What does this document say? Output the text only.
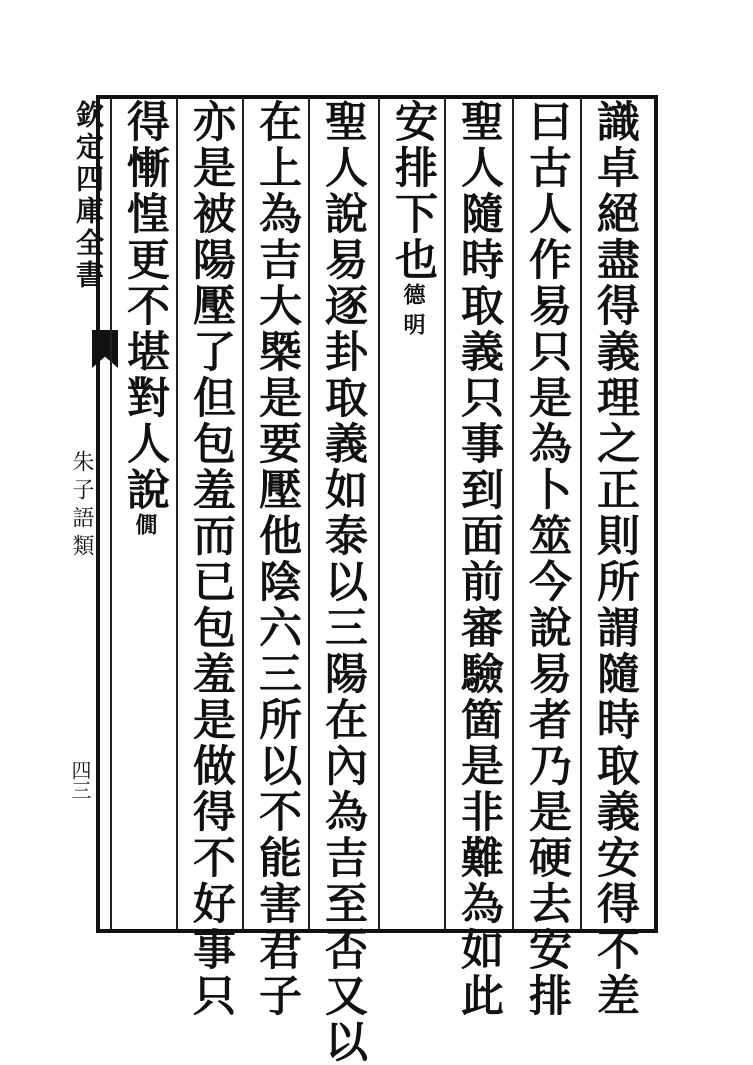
欽定四庫全書
朱子語類
四三	識卓絕盡得義理之正則所謂隨時取義安得不差
曰古人作易只是為卜筮今說易者乃是硬去安排
聖人隨時取義只事到面前審驗箇是非難為如此
安排下也德明
聖人說易逐卦取義如泰以三陽在內為吉至否又以
在上為吉大槩是要壓他陰六三所以不能害君子
亦是被陽壓了但包羞而已包羞是做得不好事只
得慚惶更不堪對人說僩
